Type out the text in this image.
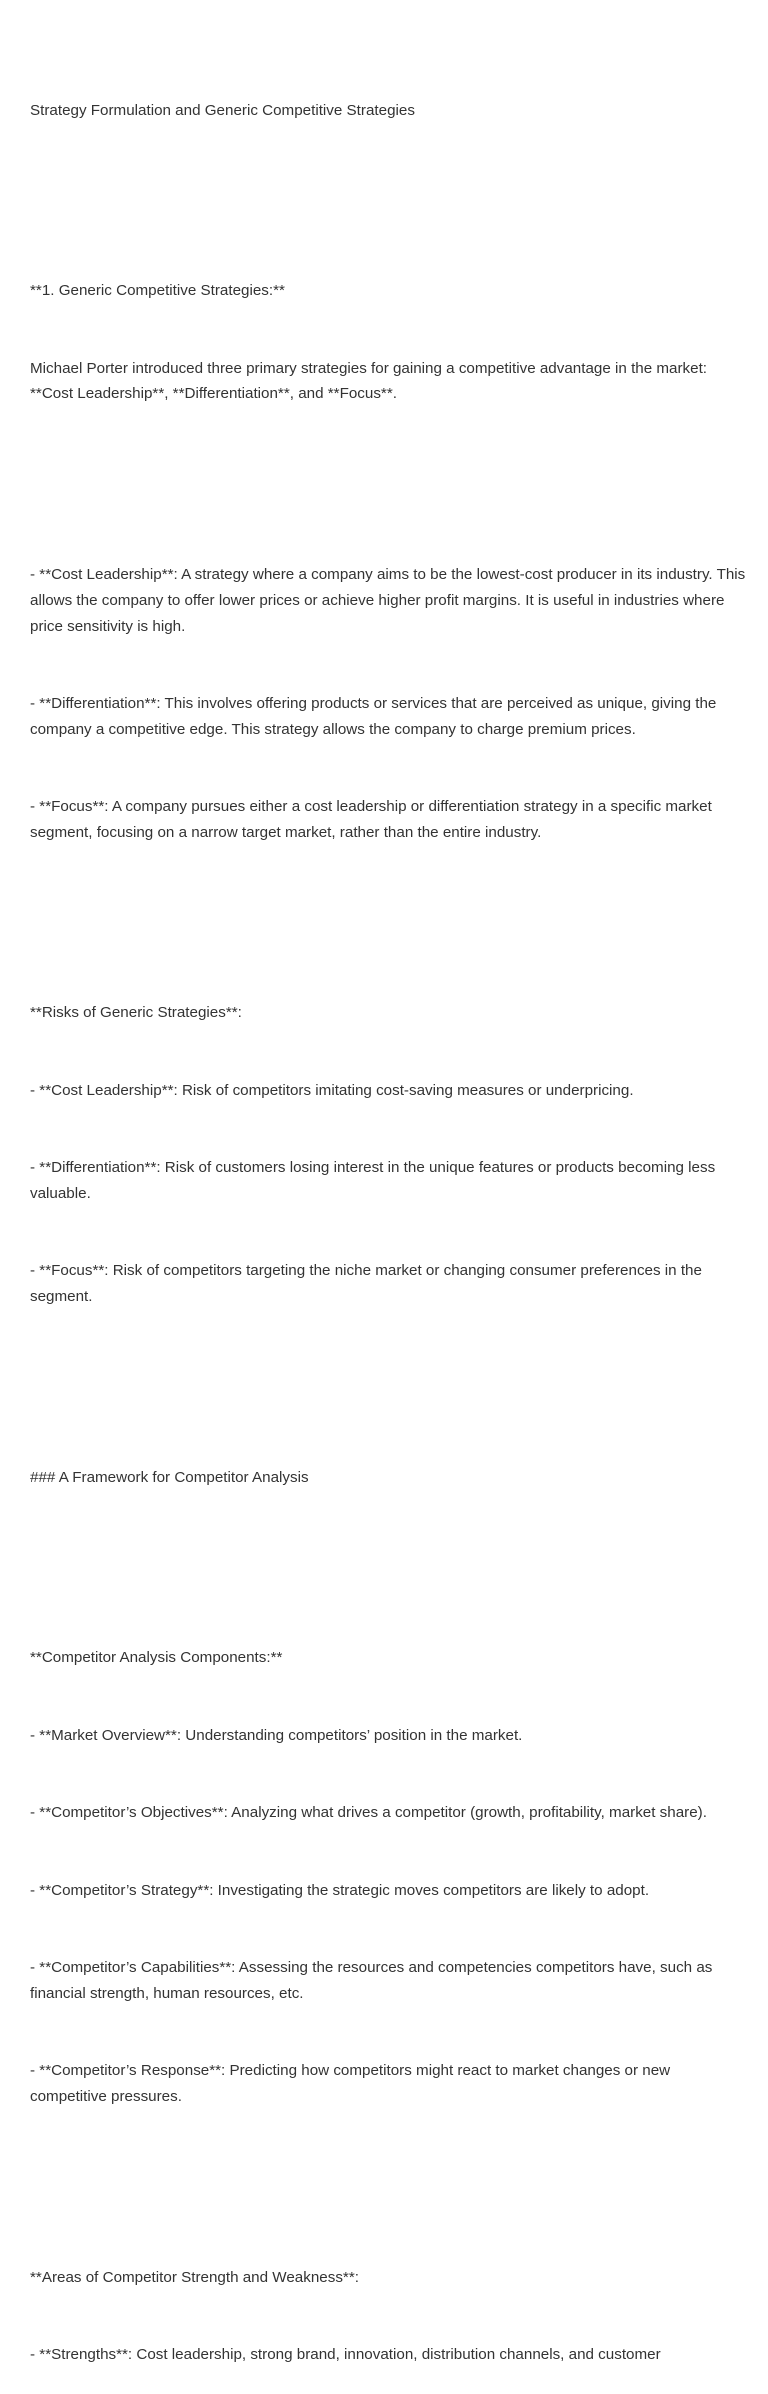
Strategy Formulation and Generic Competitive Strategies

**1. Generic Competitive Strategies:**

Michael Porter introduced three primary strategies for gaining a competitive advantage in the market: **Cost Leadership**, **Differentiation**, and **Focus**.

- **Cost Leadership**: A strategy where a company aims to be the lowest-cost producer in its industry. This allows the company to offer lower prices or achieve higher profit margins. It is useful in industries where price sensitivity is high.

- **Differentiation**: This involves offering products or services that are perceived as unique, giving the company a competitive edge. This strategy allows the company to charge premium prices.

- **Focus**: A company pursues either a cost leadership or differentiation strategy in a specific market segment, focusing on a narrow target market, rather than the entire industry.

**Risks of Generic Strategies**:

- **Cost Leadership**: Risk of competitors imitating cost-saving measures or underpricing.

- **Differentiation**: Risk of customers losing interest in the unique features or products becoming less valuable.

- **Focus**: Risk of competitors targeting the niche market or changing consumer preferences in the segment.

### A Framework for Competitor Analysis

**Competitor Analysis Components:**

- **Market Overview**: Understanding competitors’ position in the market.

- **Competitor’s Objectives**: Analyzing what drives a competitor (growth, profitability, market share).

- **Competitor’s Strategy**: Investigating the strategic moves competitors are likely to adopt.

- **Competitor’s Capabilities**: Assessing the resources and competencies competitors have, such as financial strength, human resources, etc.

- **Competitor’s Response**: Predicting how competitors might react to market changes or new competitive pressures.

**Areas of Competitor Strength and Weakness**:

- **Strengths**: Cost leadership, strong brand, innovation, distribution channels, and customer
